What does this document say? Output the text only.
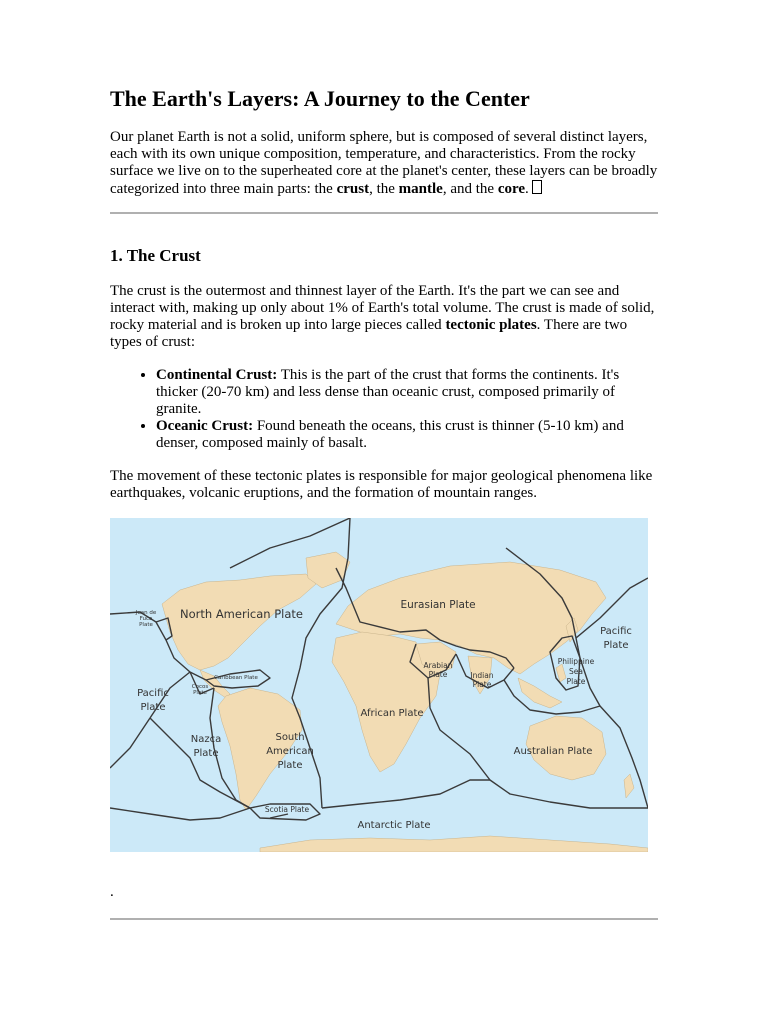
The Earth's Layers: A Journey to the Center

Our planet Earth is not a solid, uniform sphere, but is composed of several distinct layers, each with its own unique composition, temperature, and characteristics. From the rocky surface we live on to the superheated core at the planet's center, these layers can be broadly categorized into three main parts: the crust, the mantle, and the core.

1. The Crust

The crust is the outermost and thinnest layer of the Earth. It's the part we can see and interact with, making up only about 1% of Earth's total volume. The crust is made of solid, rocky material and is broken up into large pieces called tectonic plates. There are two types of crust:

• Continental Crust: This is the part of the crust that forms the continents. It's thicker (20-70 km) and less dense than oceanic crust, composed primarily of granite.
• Oceanic Crust: Found beneath the oceans, this crust is thinner (5-10 km) and denser, composed mainly of basalt.

The movement of these tectonic plates is responsible for major geological phenomena like earthquakes, volcanic eruptions, and the formation of mountain ranges.

Juan de Fuca Plate
North American Plate
Eurasian Plate
Pacific Plate
Arabian Plate	Indian Plate
Philippine Sea Plate
Caribbean Plate
Cocos Plate
Pacific Plate
African Plate
Nazca Plate
South American Plate
Australian Plate
Scotia Plate
Antarctic Plate
.
